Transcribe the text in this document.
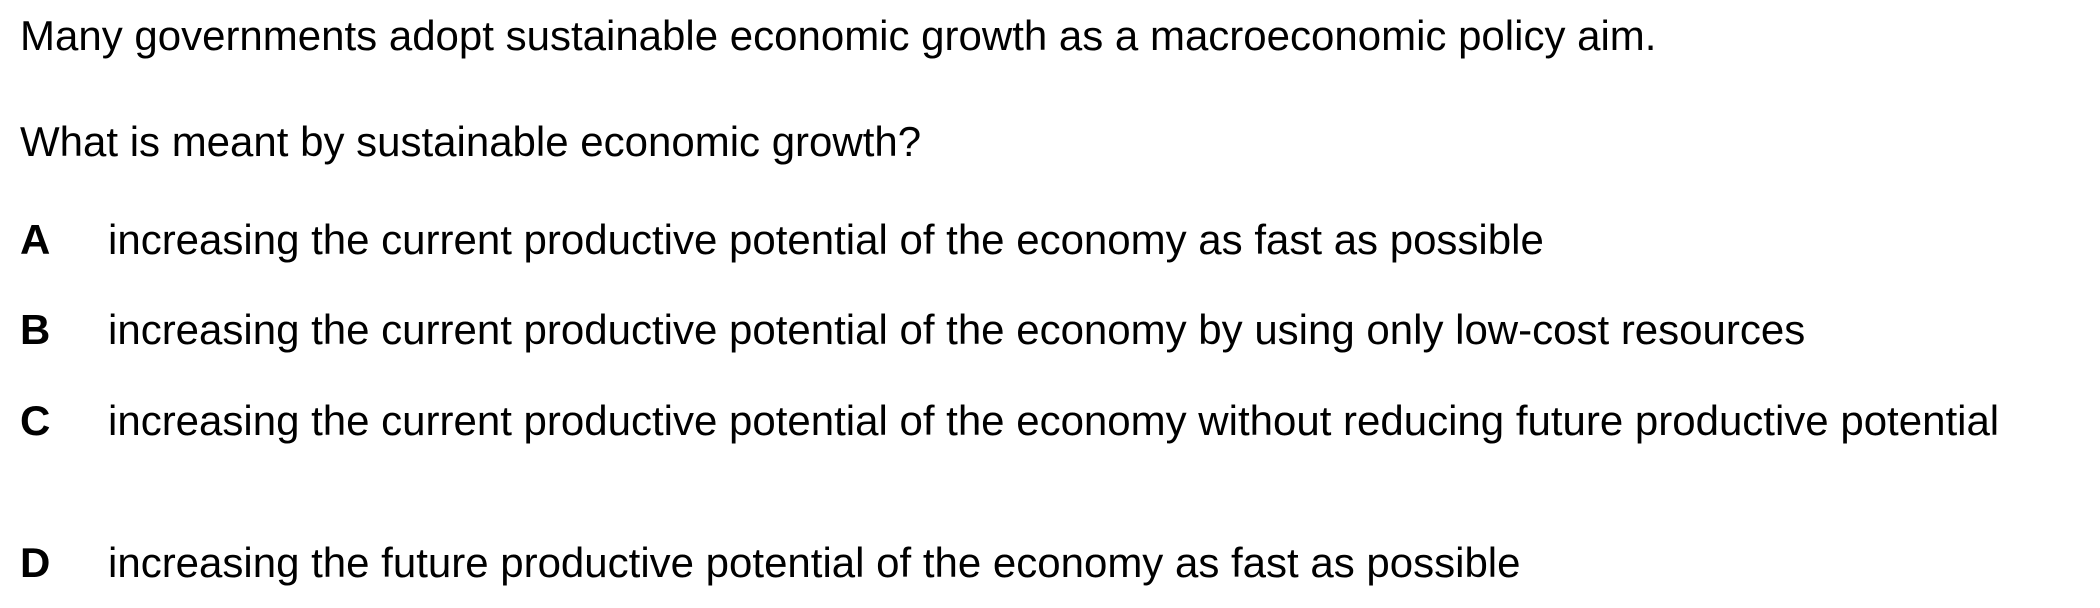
Many governments adopt sustainable economic growth as a macroeconomic policy aim.
What is meant by sustainable economic growth?
A	increasing the current productive potential of the economy as fast as possible
B	increasing the current productive potential of the economy by using only low-cost resources
C	increasing the current productive potential of the economy without reducing future productive potential
D	increasing the future productive potential of the economy as fast as possible
